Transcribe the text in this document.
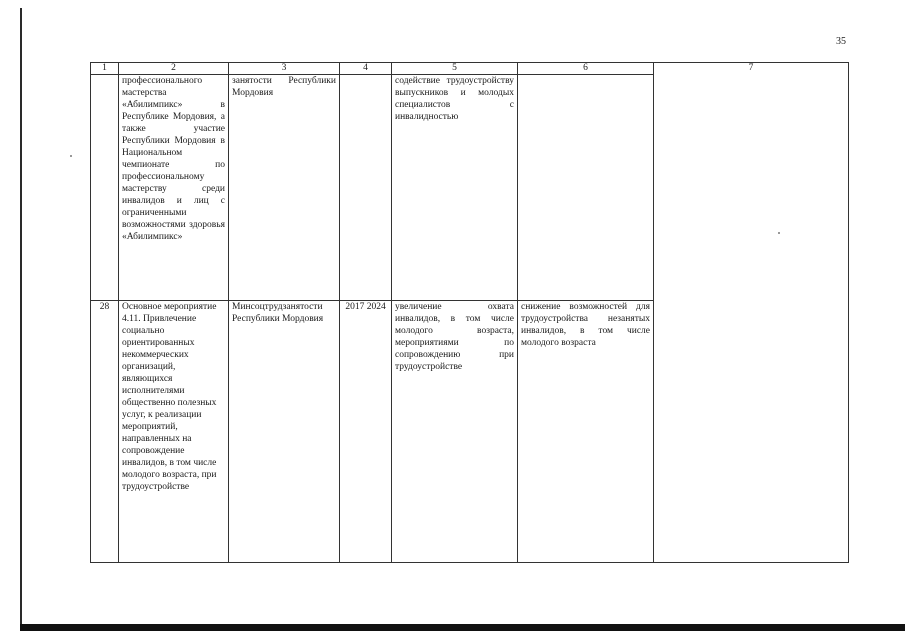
35
1	2	3	4	5	6	7
	профессионального мастерства «Абилимпикс» в Республике Мордовия, а также участие Республики Мордовия в Национальном чемпионате по профессиональному мастерству среди инвалидов и лиц с ограниченными возможностями здоровья «Абилимпикс»	занятости Республики Мордовия		содействие трудоустройству выпускников и молодых специалистов с инвалидностью		
28	Основное мероприятие 4.11. Привлечение социально ориентированных некоммерческих организаций, являющихся исполнителями общественно полезных услуг, к реализации мероприятий, направленных на сопровождение инвалидов, в том числе молодого возраста, при трудоустройстве	Минсоцтрудзанятости Республики Мордовия	2017 2024	увеличение охвата инвалидов, в том числе молодого возраста, мероприятиями по сопровождению при трудоустройстве	снижение возможностей для трудоустройства незанятых инвалидов, в том числе молодого возраста	
